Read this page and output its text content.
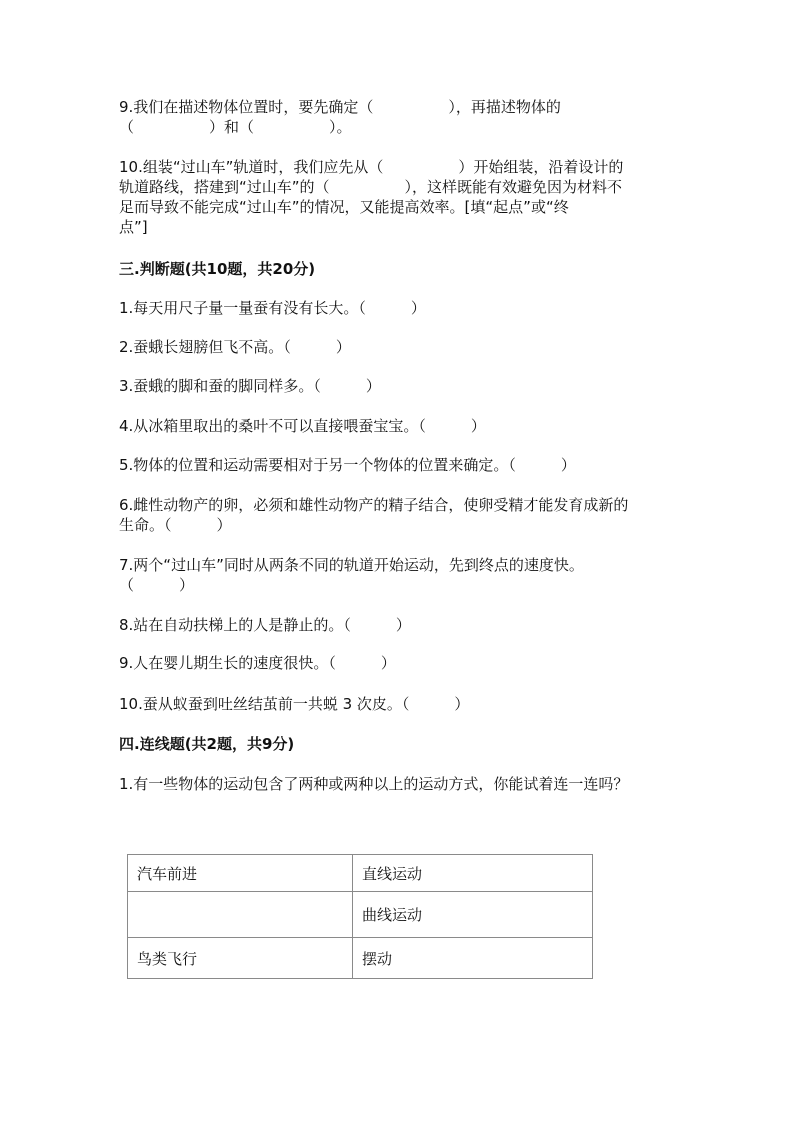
9.我们在描述物体位置时，要先确定（　　　　　），再描述物体的
（　　　　　）和（　　　　　）。
10.组装“过山车”轨道时，我们应先从（　　　　　）开始组装，沿着设计的
轨道路线，搭建到“过山车”的（　　　　　），这样既能有效避免因为材料不
足而导致不能完成“过山车”的情况，又能提高效率。[填“起点”或“终
点”]
三.判断题(共10题，共20分)
1.每天用尺子量一量蚕有没有长大。（　　　）
2.蚕蛾长翅膀但飞不高。（　　　）
3.蚕蛾的脚和蚕的脚同样多。（　　　）
4.从冰箱里取出的桑叶不可以直接喂蚕宝宝。（　　　）
5.物体的位置和运动需要相对于另一个物体的位置来确定。（　　　）
6.雌性动物产的卵，必须和雄性动物产的精子结合，使卵受精才能发育成新的
生命。（　　　）
7.两个“过山车”同时从两条不同的轨道开始运动，先到终点的速度快。
（　　　）
8.站在自动扶梯上的人是静止的。（　　　）
9.人在婴儿期生长的速度很快。（　　　）
10.蚕从蚁蚕到吐丝结茧前一共蜕 3 次皮。（　　　）
四.连线题(共2题，共9分)
1.有一些物体的运动包含了两种或两种以上的运动方式，你能试着连一连吗？
汽车前进	直线运动
	曲线运动
鸟类飞行	摆动
